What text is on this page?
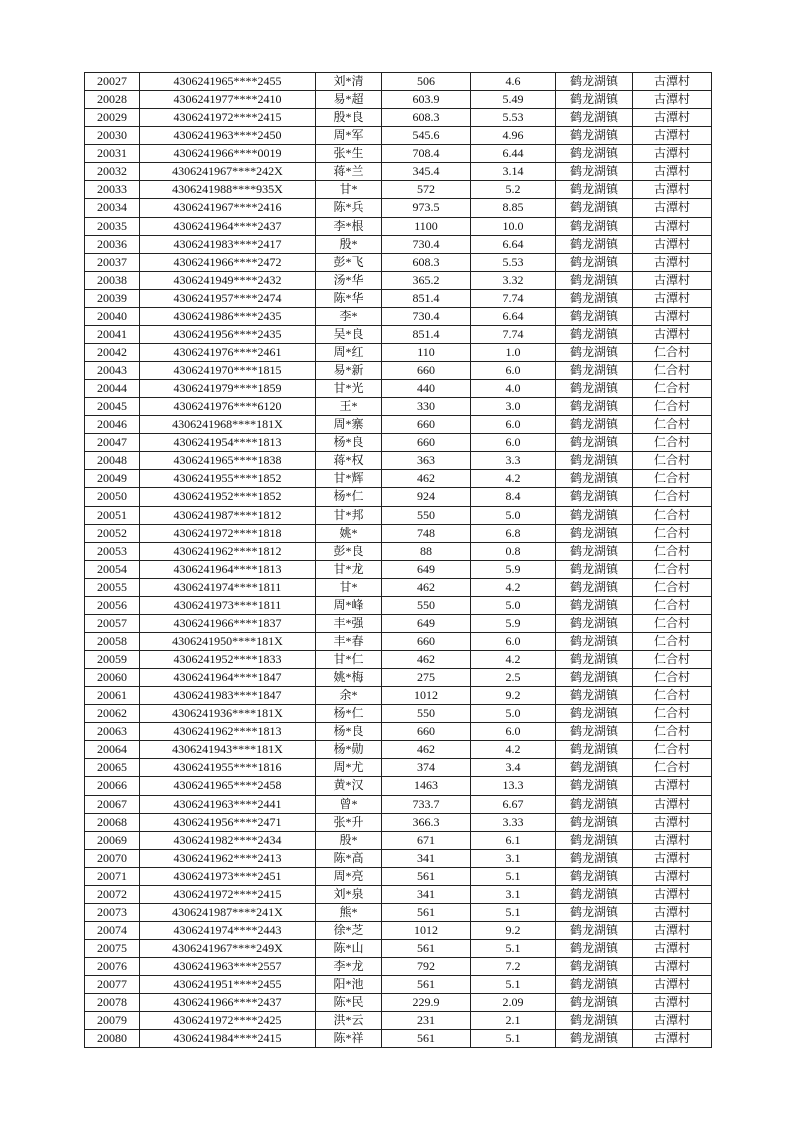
20027	4306241965****2455	刘*清	506	4.6	鹤龙湖镇	古潭村
20028	4306241977****2410	易*超	603.9	5.49	鹤龙湖镇	古潭村
20029	4306241972****2415	殷*良	608.3	5.53	鹤龙湖镇	古潭村
20030	4306241963****2450	周*军	545.6	4.96	鹤龙湖镇	古潭村
20031	4306241966****0019	张*生	708.4	6.44	鹤龙湖镇	古潭村
20032	4306241967****242X	蒋*兰	345.4	3.14	鹤龙湖镇	古潭村
20033	4306241988****935X	甘*	572	5.2	鹤龙湖镇	古潭村
20034	4306241967****2416	陈*兵	973.5	8.85	鹤龙湖镇	古潭村
20035	4306241964****2437	李*根	1100	10.0	鹤龙湖镇	古潭村
20036	4306241983****2417	殷*	730.4	6.64	鹤龙湖镇	古潭村
20037	4306241966****2472	彭*飞	608.3	5.53	鹤龙湖镇	古潭村
20038	4306241949****2432	汤*华	365.2	3.32	鹤龙湖镇	古潭村
20039	4306241957****2474	陈*华	851.4	7.74	鹤龙湖镇	古潭村
20040	4306241986****2435	李*	730.4	6.64	鹤龙湖镇	古潭村
20041	4306241956****2435	吴*良	851.4	7.74	鹤龙湖镇	古潭村
20042	4306241976****2461	周*红	110	1.0	鹤龙湖镇	仁合村
20043	4306241970****1815	易*新	660	6.0	鹤龙湖镇	仁合村
20044	4306241979****1859	甘*光	440	4.0	鹤龙湖镇	仁合村
20045	4306241976****6120	王*	330	3.0	鹤龙湖镇	仁合村
20046	4306241968****181X	周*寨	660	6.0	鹤龙湖镇	仁合村
20047	4306241954****1813	杨*良	660	6.0	鹤龙湖镇	仁合村
20048	4306241965****1838	蒋*权	363	3.3	鹤龙湖镇	仁合村
20049	4306241955****1852	甘*辉	462	4.2	鹤龙湖镇	仁合村
20050	4306241952****1852	杨*仁	924	8.4	鹤龙湖镇	仁合村
20051	4306241987****1812	甘*邦	550	5.0	鹤龙湖镇	仁合村
20052	4306241972****1818	姚*	748	6.8	鹤龙湖镇	仁合村
20053	4306241962****1812	彭*良	88	0.8	鹤龙湖镇	仁合村
20054	4306241964****1813	甘*龙	649	5.9	鹤龙湖镇	仁合村
20055	4306241974****1811	甘*	462	4.2	鹤龙湖镇	仁合村
20056	4306241973****1811	周*峰	550	5.0	鹤龙湖镇	仁合村
20057	4306241966****1837	丰*强	649	5.9	鹤龙湖镇	仁合村
20058	4306241950****181X	丰*春	660	6.0	鹤龙湖镇	仁合村
20059	4306241952****1833	甘*仁	462	4.2	鹤龙湖镇	仁合村
20060	4306241964****1847	姚*梅	275	2.5	鹤龙湖镇	仁合村
20061	4306241983****1847	余*	1012	9.2	鹤龙湖镇	仁合村
20062	4306241936****181X	杨*仁	550	5.0	鹤龙湖镇	仁合村
20063	4306241962****1813	杨*良	660	6.0	鹤龙湖镇	仁合村
20064	4306241943****181X	杨*勋	462	4.2	鹤龙湖镇	仁合村
20065	4306241955****1816	周*尤	374	3.4	鹤龙湖镇	仁合村
20066	4306241965****2458	黄*汉	1463	13.3	鹤龙湖镇	古潭村
20067	4306241963****2441	曾*	733.7	6.67	鹤龙湖镇	古潭村
20068	4306241956****2471	张*升	366.3	3.33	鹤龙湖镇	古潭村
20069	4306241982****2434	殷*	671	6.1	鹤龙湖镇	古潭村
20070	4306241962****2413	陈*高	341	3.1	鹤龙湖镇	古潭村
20071	4306241973****2451	周*亮	561	5.1	鹤龙湖镇	古潭村
20072	4306241972****2415	刘*泉	341	3.1	鹤龙湖镇	古潭村
20073	4306241987****241X	熊*	561	5.1	鹤龙湖镇	古潭村
20074	4306241974****2443	徐*芝	1012	9.2	鹤龙湖镇	古潭村
20075	4306241967****249X	陈*山	561	5.1	鹤龙湖镇	古潭村
20076	4306241963****2557	李*龙	792	7.2	鹤龙湖镇	古潭村
20077	4306241951****2455	阳*池	561	5.1	鹤龙湖镇	古潭村
20078	4306241966****2437	陈*民	229.9	2.09	鹤龙湖镇	古潭村
20079	4306241972****2425	洪*云	231	2.1	鹤龙湖镇	古潭村
20080	4306241984****2415	陈*祥	561	5.1	鹤龙湖镇	古潭村
